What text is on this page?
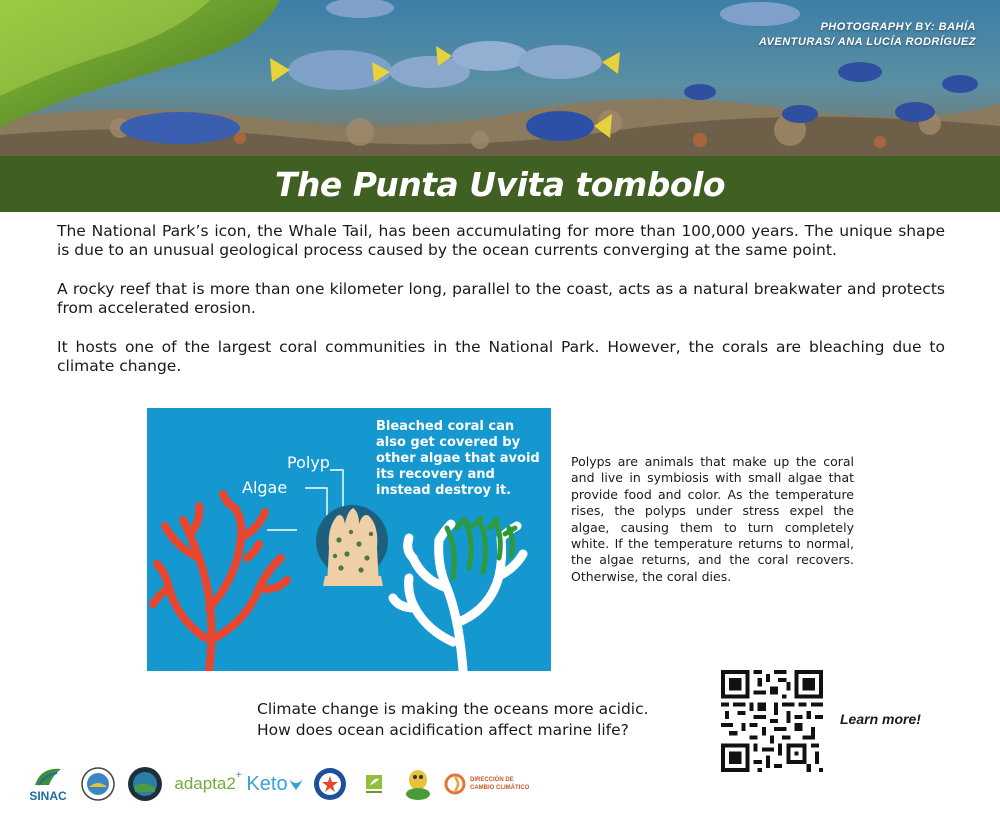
PHOTOGRAPHY BY: BAHÍA
AVENTURAS/ ANA LUCÍA RODRÍGUEZ
The Punta Uvita tombolo

The National Park’s icon, the Whale Tail, has been accumulating for more than 100,000 years. The unique shape is due to an unusual geological process caused by the ocean currents converging at the same point.

A rocky reef that is more than one kilometer long, parallel to the coast, acts as a natural breakwater and protects from accelerated erosion.

It hosts one of the largest coral communities in the National Park. However, the corals are bleaching due to climate change.

Polyp
Algae
Bleached coral can also get covered by other algae that avoid its recovery and instead destroy it.
Polyps are animals that make up the coral and live in symbiosis with small algae that provide food and color. As the temperature rises, the polyps under stress expel the algae, causing them to turn completely white. If the temperature returns to normal, the algae returns, and the coral recovers. Otherwise, the coral dies.
Climate change is making the oceans more acidic.
How does ocean acidification affect marine life?
Learn more!
SINAC
adapta2 + Keto	DIRECCIÓN DE
CAMBIO CLIMÁTICO
